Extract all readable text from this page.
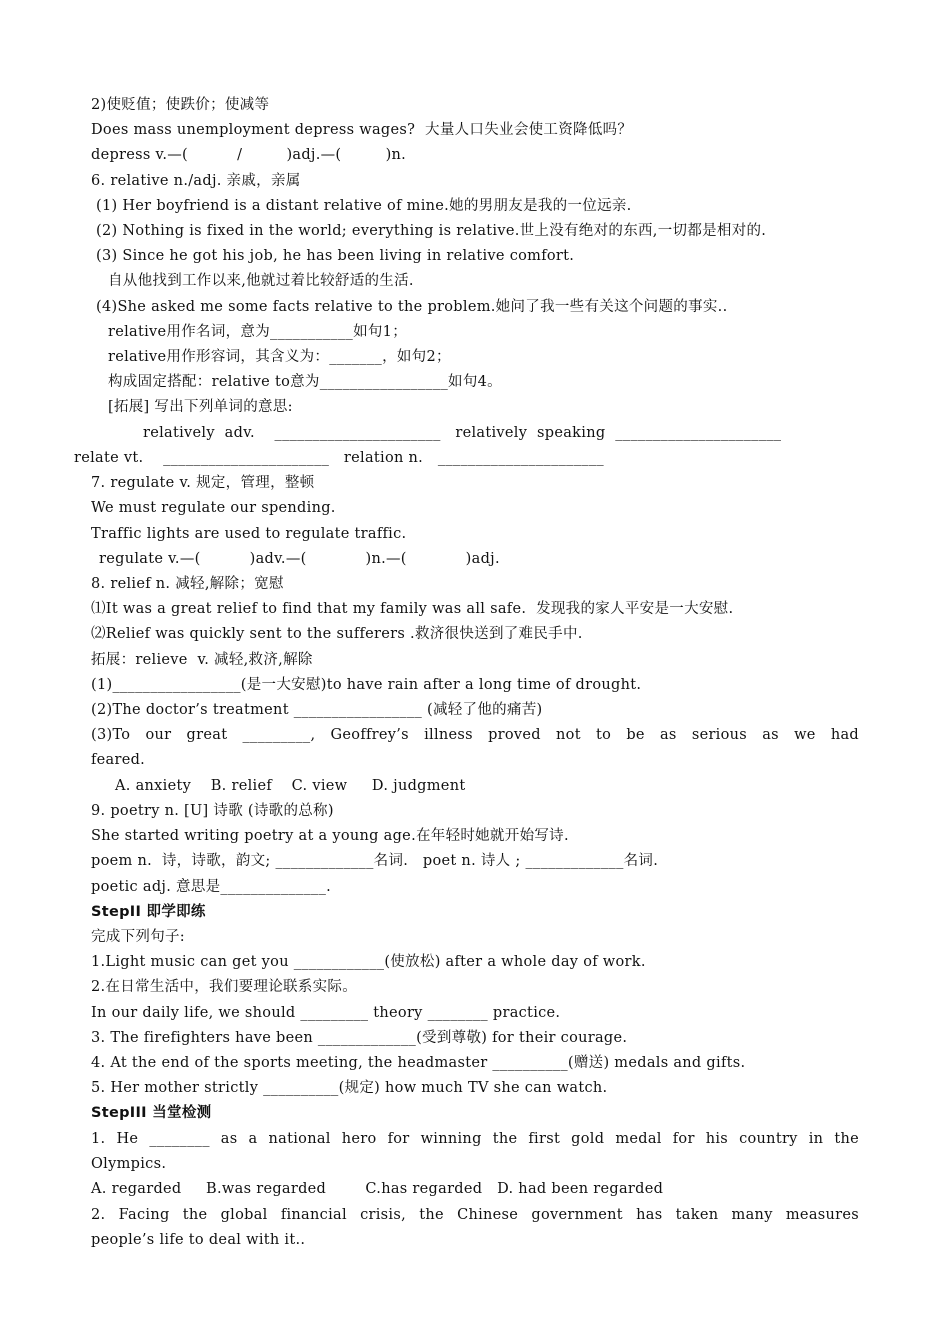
2)使贬值；使跌价；使减等
Does mass unemployment depress wages?  大量人口失业会使工资降低吗？
depress v.—(          /         )adj.—(         )n.
6. relative n./adj. 亲戚，亲属
(1) Her boyfriend is a distant relative of mine.她的男朋友是我的一位远亲.
(2) Nothing is fixed in the world; everything is relative.世上没有绝对的东西,一切都是相对的.
(3) Since he got his job, he has been living in relative comfort.
自从他找到工作以来,他就过着比较舒适的生活.
(4)She asked me some facts relative to the problem.她问了我一些有关这个问题的事实..
relative用作名词，意为___________如句1；
relative用作形容词，其含义为：_______，如句2；
构成固定搭配：relative to意为_________________如句4。
[拓展] 写出下列单词的意思:
relatively  adv.    ______________________   relatively  speaking  ______________________
relate vt.    ______________________   relation n.   ______________________
7. regulate v. 规定，管理，整顿
We must regulate our spending.
Traffic lights are used to regulate traffic.
regulate v.—(          )adv.—(            )n.—(            )adj.
8. relief n. 减轻,解除；宽慰
⑴It was a great relief to find that my family was all safe.  发现我的家人平安是一大安慰.
⑵Relief was quickly sent to the sufferers .救济很快送到了难民手中.
拓展：relieve  v. 减轻,救济,解除
(1)_________________(是一大安慰)to have rain after a long time of drought.
(2)The doctor’s treatment _________________ (减轻了他的痛苦)
(3)To our great _________, Geoffrey’s illness proved not to be as serious as we had
feared.
A. anxiety    B. relief    C. view     D. judgment
9. poetry n. [U] 诗歌 (诗歌的总称)
She started writing poetry at a young age.在年轻时她就开始写诗.
poem n.  诗，诗歌，韵文; _____________名词.   poet n. 诗人 ; _____________名词.
poetic adj. 意思是______________.
StepII 即学即练
完成下列句子:
1.Light music can get you ____________(使放松) after a whole day of work.
2.在日常生活中，我们要理论联系实际。
In our daily life, we should _________ theory ________ practice.
3. The firefighters have been _____________(受到尊敬) for their courage.
4. At the end of the sports meeting, the headmaster __________(赠送) medals and gifts.
5. Her mother strictly __________(规定) how much TV she can watch.
StepIII 当堂检测
1. He ________ as a national hero for winning the first gold medal for his country in the
Olympics.
A. regarded     B.was regarded        C.has regarded   D. had been regarded
2. Facing the global financial crisis, the Chinese government has taken many measures
people’s life to deal with it..
